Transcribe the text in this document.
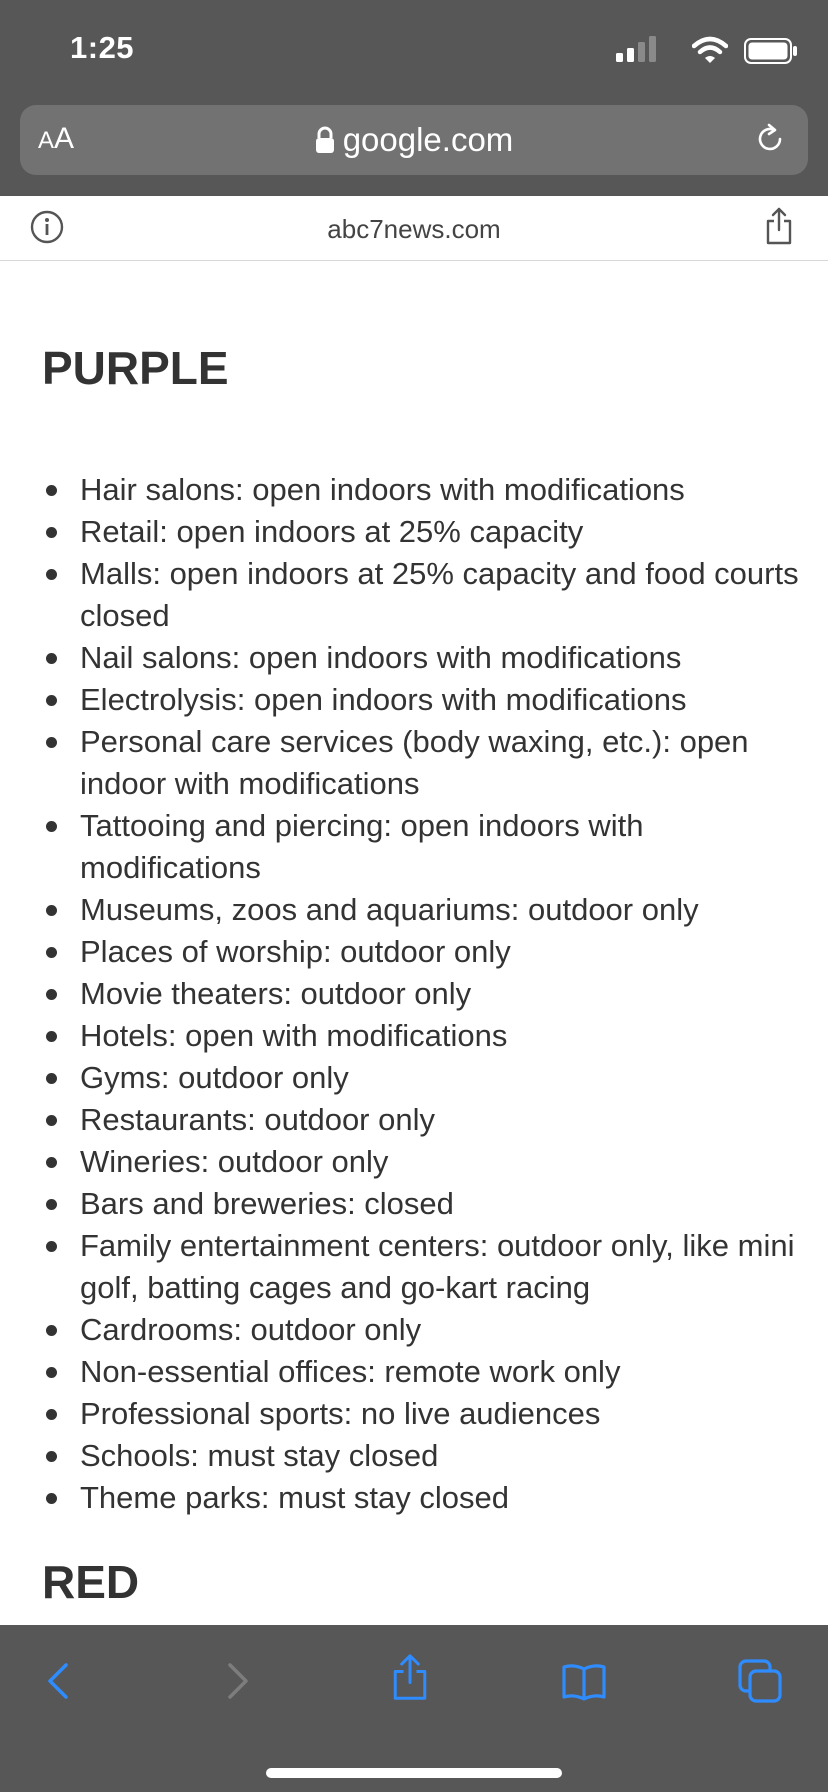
1:25
AA	google.com
abc7news.com
PURPLE
Hair salons: open indoors with modifications
Retail: open indoors at 25% capacity
Malls: open indoors at 25% capacity and food courts closed
Nail salons: open indoors with modifications
Electrolysis: open indoors with modifications
Personal care services (body waxing, etc.): open indoor with modifications
Tattooing and piercing: open indoors with modifications
Museums, zoos and aquariums: outdoor only
Places of worship: outdoor only
Movie theaters: outdoor only
Hotels: open with modifications
Gyms: outdoor only
Restaurants: outdoor only
Wineries: outdoor only
Bars and breweries: closed
Family entertainment centers: outdoor only, like mini golf, batting cages and go-kart racing
Cardrooms: outdoor only
Non-essential offices: remote work only
Professional sports: no live audiences
Schools: must stay closed
Theme parks: must stay closed
RED
